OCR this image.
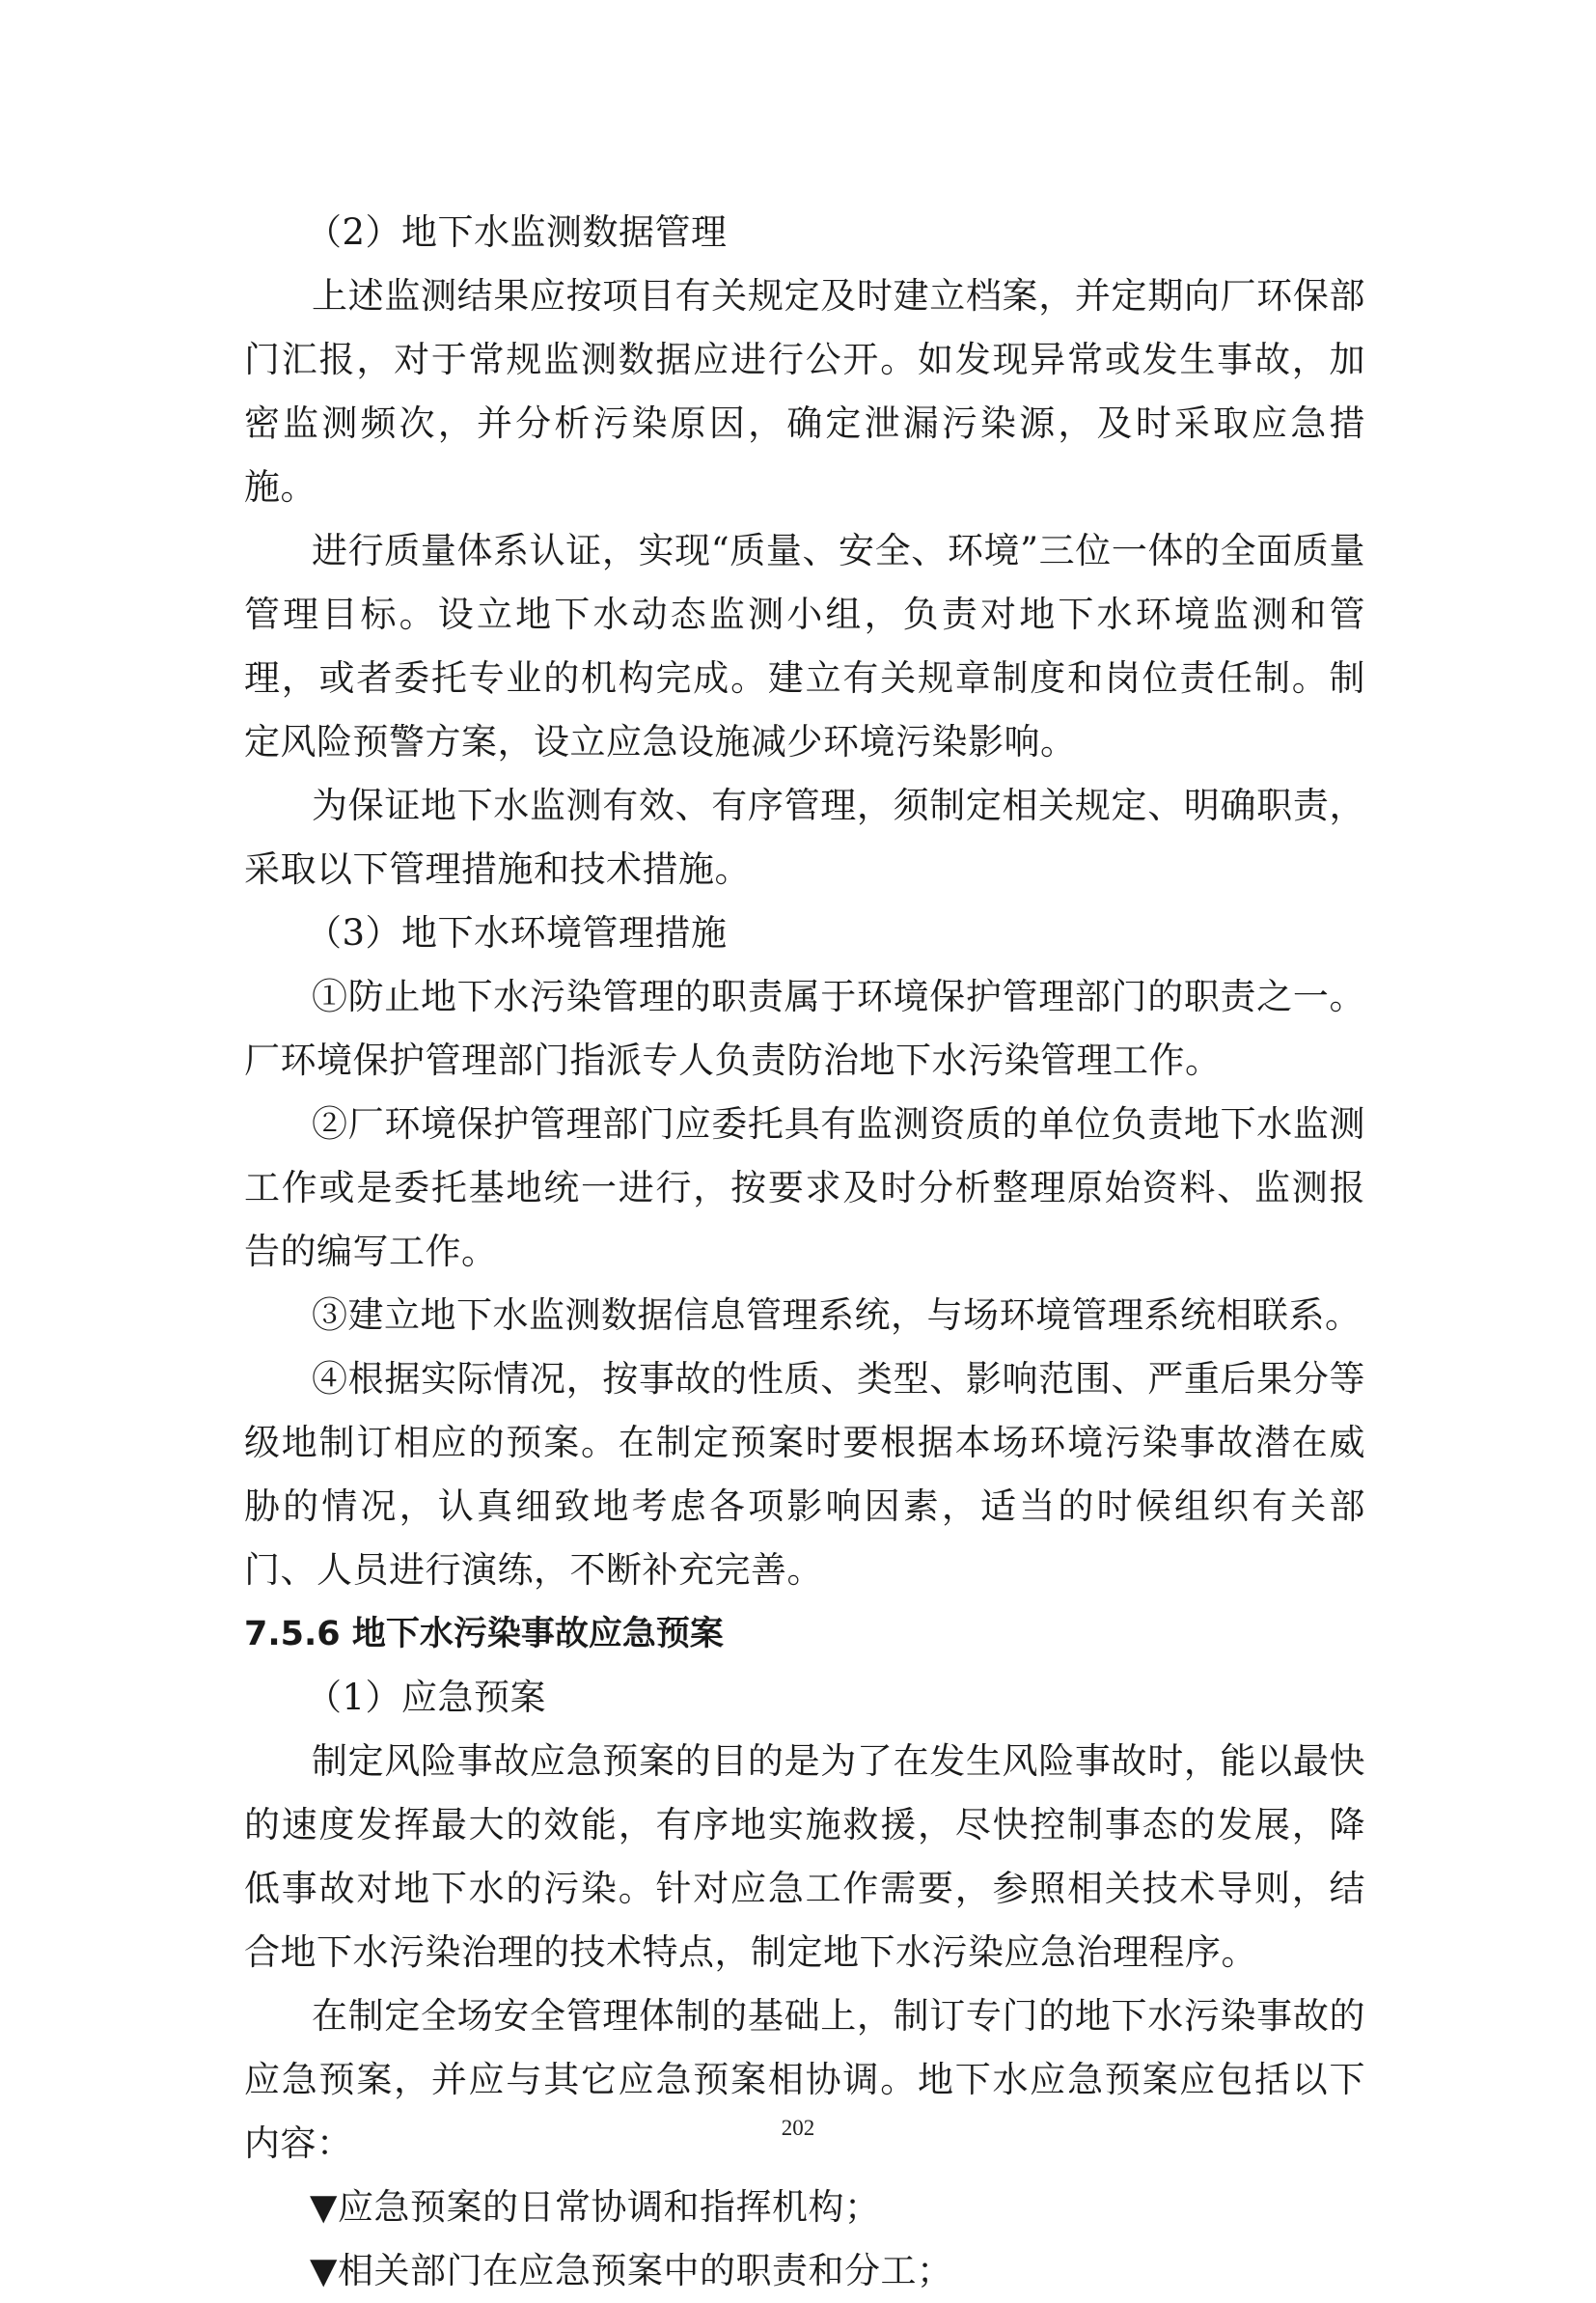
（2）地下水监测数据管理

上述监测结果应按项目有关规定及时建立档案，并定期向厂环保部门汇报，对于常规监测数据应进行公开。如发现异常或发生事故，加密监测频次，并分析污染原因，确定泄漏污染源，及时采取应急措施。

进行质量体系认证，实现“质量、安全、环境”三位一体的全面质量管理目标。设立地下水动态监测小组，负责对地下水环境监测和管理，或者委托专业的机构完成。建立有关规章制度和岗位责任制。制定风险预警方案，设立应急设施减少环境污染影响。

为保证地下水监测有效、有序管理，须制定相关规定、明确职责，采取以下管理措施和技术措施。

（3）地下水环境管理措施

①防止地下水污染管理的职责属于环境保护管理部门的职责之一。厂环境保护管理部门指派专人负责防治地下水污染管理工作。

②厂环境保护管理部门应委托具有监测资质的单位负责地下水监测工作或是委托基地统一进行，按要求及时分析整理原始资料、监测报告的编写工作。

③建立地下水监测数据信息管理系统，与场环境管理系统相联系。

④根据实际情况，按事故的性质、类型、影响范围、严重后果分等级地制订相应的预案。在制定预案时要根据本场环境污染事故潜在威胁的情况，认真细致地考虑各项影响因素，适当的时候组织有关部门、人员进行演练，不断补充完善。

7.5.6 地下水污染事故应急预案

（1）应急预案

制定风险事故应急预案的目的是为了在发生风险事故时，能以最快的速度发挥最大的效能，有序地实施救援，尽快控制事态的发展，降低事故对地下水的污染。针对应急工作需要，参照相关技术导则，结合地下水污染治理的技术特点，制定地下水污染应急治理程序。

在制定全场安全管理体制的基础上，制订专门的地下水污染事故的应急预案，并应与其它应急预案相协调。地下水应急预案应包括以下内容：

▼应急预案的日常协调和指挥机构；

▼相关部门在应急预案中的职责和分工；

202
